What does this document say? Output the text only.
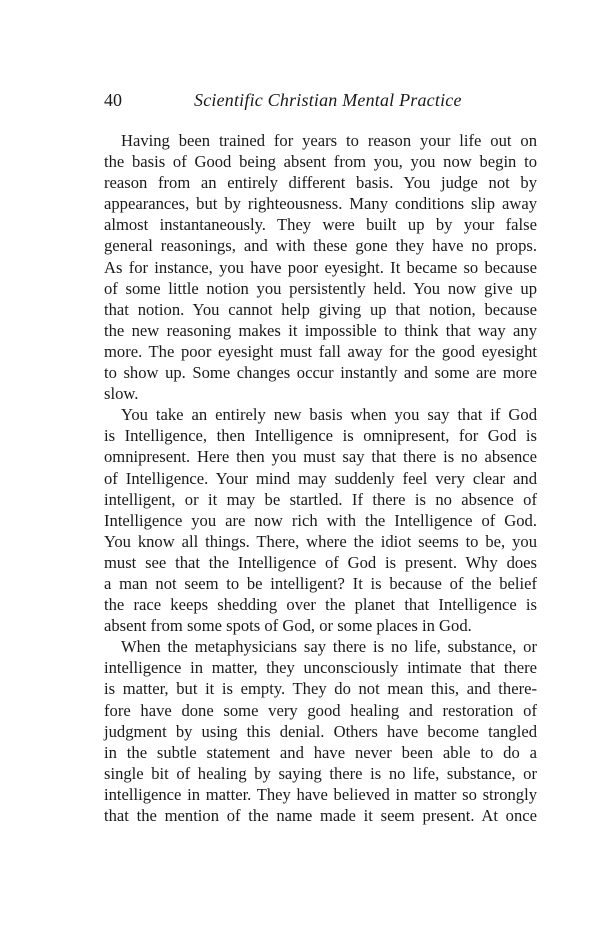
40	Scientific Christian Mental Practice
Having been trained for years to reason your life out on
the basis of Good being absent from you, you now begin to
reason from an entirely different basis. You judge not by
appearances, but by righteousness. Many conditions slip away
almost instantaneously. They were built up by your false
general reasonings, and with these gone they have no props.
As for instance, you have poor eyesight. It became so because
of some little notion you persistently held. You now give up
that notion. You cannot help giving up that notion, because
the new reasoning makes it impossible to think that way any
more. The poor eyesight must fall away for the good eyesight
to show up. Some changes occur instantly and some are more
slow.
You take an entirely new basis when you say that if God
is Intelligence, then Intelligence is omnipresent, for God is
omnipresent. Here then you must say that there is no absence
of Intelligence. Your mind may suddenly feel very clear and
intelligent, or it may be startled. If there is no absence of
Intelligence you are now rich with the Intelligence of God.
You know all things. There, where the idiot seems to be, you
must see that the Intelligence of God is present. Why does
a man not seem to be intelligent? It is because of the belief
the race keeps shedding over the planet that Intelligence is
absent from some spots of God, or some places in God.
When the metaphysicians say there is no life, substance, or
intelligence in matter, they unconsciously intimate that there
is matter, but it is empty. They do not mean this, and there-
fore have done some very good healing and restoration of
judgment by using this denial. Others have become tangled
in the subtle statement and have never been able to do a
single bit of healing by saying there is no life, substance, or
intelligence in matter. They have believed in matter so strongly
that the mention of the name made it seem present. At once
